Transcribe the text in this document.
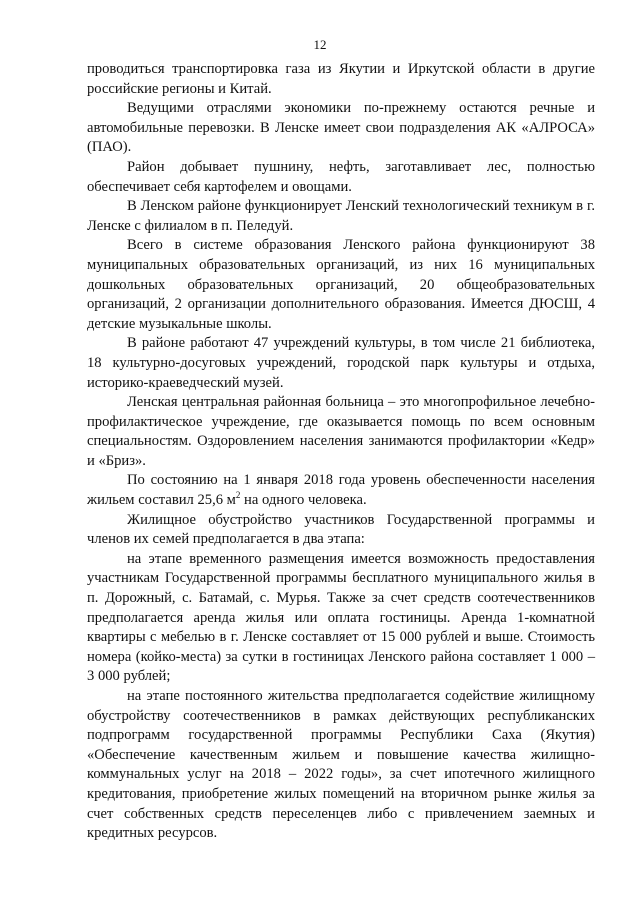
12

проводиться транспортировка газа из Якутии и Иркутской области в другие российские регионы и Китай.

Ведущими отраслями экономики по-прежнему остаются речные и автомобильные перевозки. В Ленске имеет свои подразделения АК «АЛРОСА» (ПАО).

Район добывает пушнину, нефть, заготавливает лес, полностью обеспечивает себя картофелем и овощами.

В Ленском районе функционирует Ленский технологический техникум в г. Ленске с филиалом в п. Пеледуй.

Всего в системе образования Ленского района функционируют 38 муниципальных образовательных организаций, из них 16 муниципальных дошкольных образовательных организаций, 20 общеобразовательных организаций, 2 организации дополнительного образования. Имеется ДЮСШ, 4 детские музыкальные школы.

В районе работают 47 учреждений культуры, в том числе 21 библиотека, 18 культурно-досуговых учреждений, городской парк культуры и отдыха, историко-краеведческий музей.

Ленская центральная районная больница – это многопрофильное лечебно-профилактическое учреждение, где оказывается помощь по всем основным специальностям. Оздоровлением населения занимаются профилактории «Кедр» и «Бриз».

По состоянию на 1 января 2018 года уровень обеспеченности населения жильем составил 25,6 $м^2$ на одного человека.

Жилищное обустройство участников Государственной программы и членов их семей предполагается в два этапа:

на этапе временного размещения имеется возможность предоставления участникам Государственной программы бесплатного муниципального жилья в п. Дорожный, с. Батамай, с. Мурья. Также за счет средств соотечественников предполагается аренда жилья или оплата гостиницы. Аренда 1-комнатной квартиры с мебелью в г. Ленске составляет от 15 000 рублей и выше. Стоимость номера (койко-места) за сутки в гостиницах Ленского района составляет 1 000 – 3 000 рублей;

на этапе постоянного жительства предполагается содействие жилищному обустройству соотечественников в рамках действующих республиканских подпрограмм государственной программы Республики Саха (Якутия) «Обеспечение качественным жильем и повышение качества жилищно-коммунальных услуг на 2018 – 2022 годы», за счет ипотечного жилищного кредитования, приобретение жилых помещений на вторичном рынке жилья за счет собственных средств переселенцев либо с привлечением заемных и кредитных ресурсов.
